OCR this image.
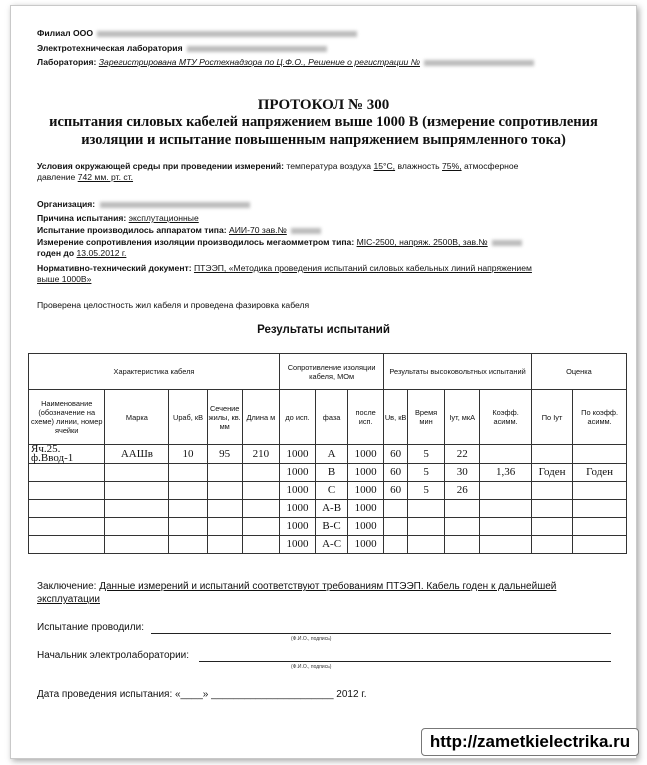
Филиал ООО
Электротехническая лаборатория
Лаборатория: Зарегистрирована МТУ Ростехнадзора по Ц.Ф.О., Решение о регистрации №
ПРОТОКОЛ № 300
испытания силовых кабелей напряжением выше 1000 В (измерение сопротивления
изоляции и испытание повышенным напряжением выпрямленного тока)
Условия окружающей среды при проведении измерений: температура воздуха 15°С, влажность 75%, атмосферное
давление 742 мм. рт. ст.
Организация:
Причина испытания: эксплутационные
Испытание производилось аппаратом типа: АИИ-70 зав.№
Измерение сопротивления изоляции производилось мегаомметром типа: МIC-2500, напряж. 2500В, зав.№
годен до 13.05.2012 г.
Нормативно-технический документ: ПТЭЭП, «Методика проведения испытаний силовых кабельных линий напряжением
выше 1000В»
Проверена целостность жил кабеля и проведена фазировка кабеля
Результаты испытаний
Характеристика кабеля					Сопротивление изоляции кабеля, МОм			Результаты высоковольтных испытаний				Оценка	
Наименование (обозначение на схеме) линии, номер ячейки	Марка	Uраб, кВ	Сечение жилы, кв. мм	Длина м	до исп.	фаза	после исп.	Uв, кВ	Время мин	Iут, мкА	Коэфф. асимм.	По Iут	По коэфф. асимм.
Яч.25. ф.Ввод-1	ААШв	10	95	210	1000	A	1000	60	5	22			
					1000	B	1000	60	5	30	1,36	Годен	Годен
					1000	C	1000	60	5	26			
					1000	A-B	1000						
					1000	B-C	1000						
					1000	A-C	1000						
Заключение: Данные измерений и испытаний соответствуют требованиям ПТЭЭП. Кабель годен к дальнейшей
эксплуатации
Испытание проводили:
(Ф.И.О., подпись)
Начальник электролаборатории:
(Ф.И.О., подпись)
Дата проведения испытания: «____» ______________________ 2012 г.
http://zametkielectrika.ru
